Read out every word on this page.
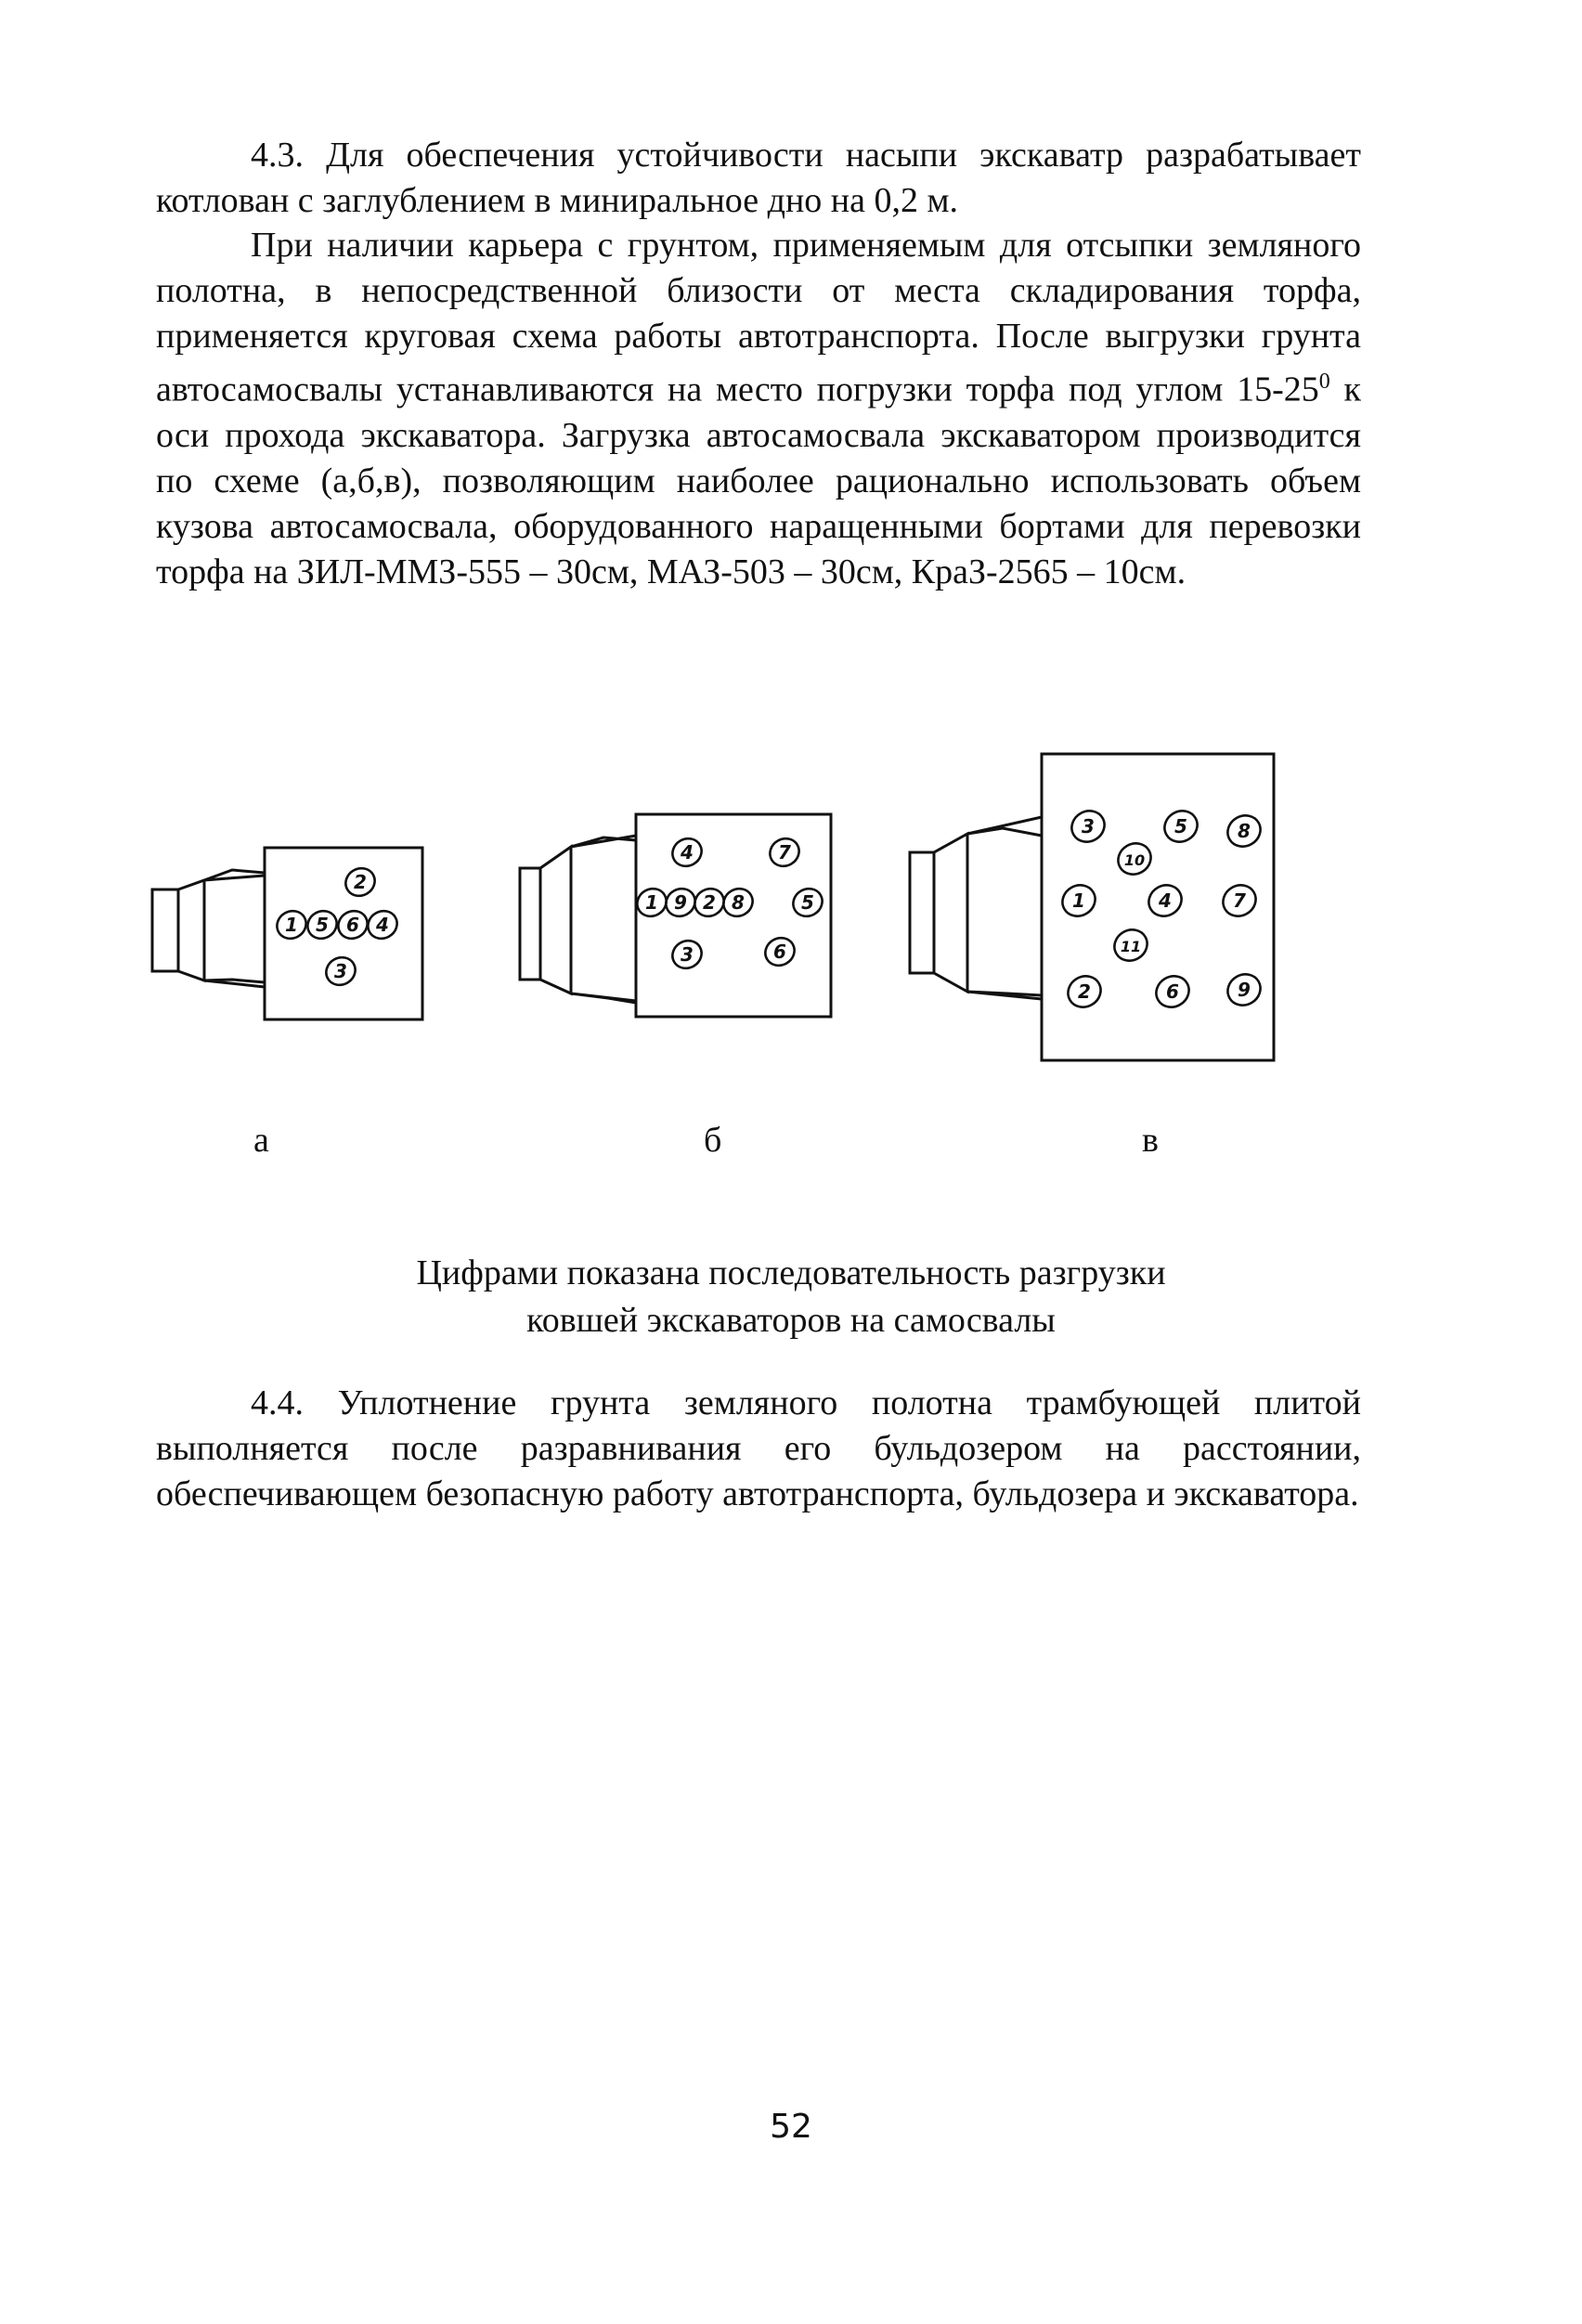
4.3. Для обеспечения устойчивости насыпи экскаватр разрабатывает котлован с заглублением в миниральное дно на 0,2 м.

При наличии карьера с грунтом, применяемым для отсыпки земляного полотна, в непосредственной близости от места складирования торфа, применяется круговая схема работы автотранспорта. После выгрузки грунта автосамосвалы устанавливаются на место погрузки торфа под углом $15-25^0$ к оси прохода экскаватора. Загрузка автосамосвала экскаватором производится по схеме (а,б,в), позволяющим наиболее рационально использовать объем кузова автосамосвала, оборудованного наращенными бортами для перевозки торфа на ЗИЛ-ММЗ-555 – 30см, МАЗ-503 – 30см, КраЗ-2565 – 10см.

2
1 5 6 4
3
4	7
1 9 2 8	5
3	6
3	5	8
10
1	4	7
11
2	6	9
а	б	в
Цифрами показана последовательность разгрузки
ковшей экскаваторов на самосвалы

4.4. Уплотнение грунта земляного полотна трамбующей плитой выполняется после разравнивания его бульдозером на расстоянии, обеспечивающем безопасную работу автотранспорта, бульдозера и экскаватора.

52
